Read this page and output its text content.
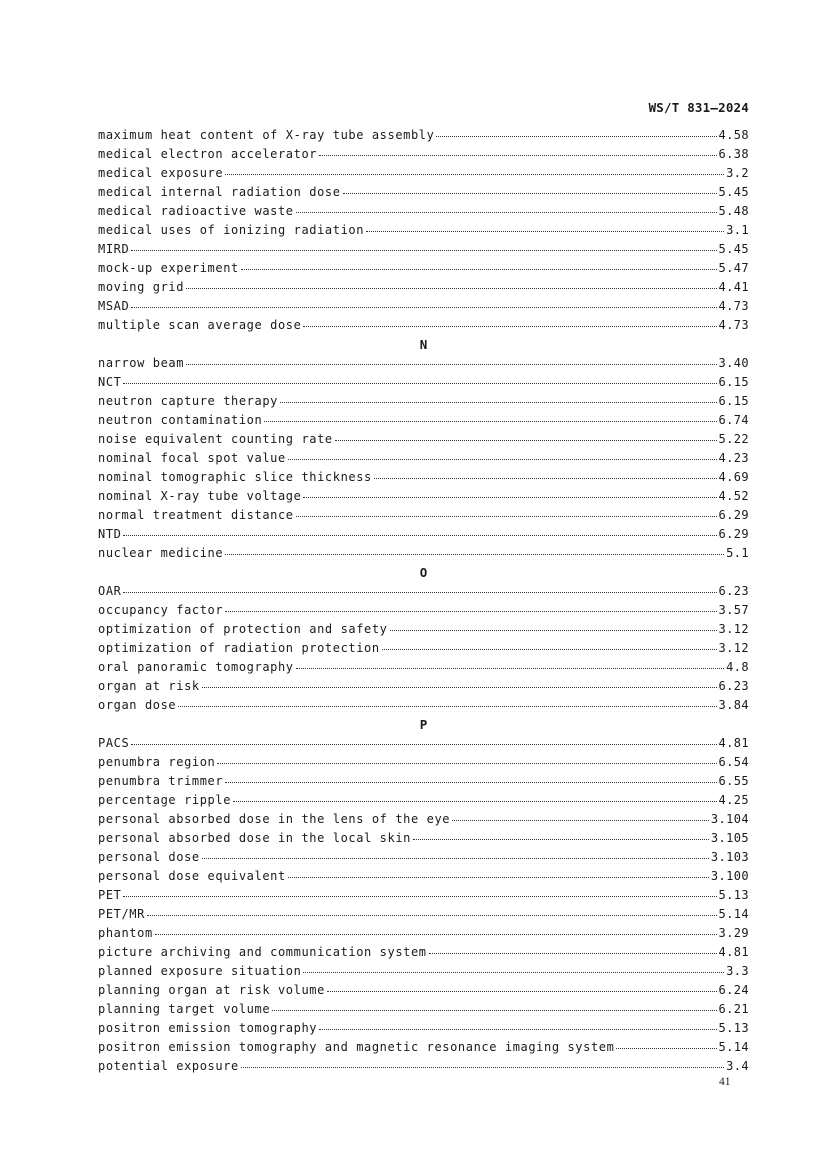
WS/T 831—2024
maximum heat content of X-ray tube assembly	4.58
medical electron accelerator	6.38
medical exposure	3.2
medical internal radiation dose	5.45
medical radioactive waste	5.48
medical uses of ionizing radiation	3.1
MIRD	5.45
mock-up experiment	5.47
moving grid	4.41
MSAD	4.73
multiple scan average dose	4.73
N
narrow beam	3.40
NCT	6.15
neutron capture therapy	6.15
neutron contamination	6.74
noise equivalent counting rate	5.22
nominal focal spot value	4.23
nominal tomographic slice thickness	4.69
nominal X-ray tube voltage	4.52
normal treatment distance	6.29
NTD	6.29
nuclear medicine	5.1
O
OAR	6.23
occupancy factor	3.57
optimization of protection and safety	3.12
optimization of radiation protection	3.12
oral panoramic tomography	4.8
organ at risk	6.23
organ dose	3.84
P
PACS	4.81
penumbra region	6.54
penumbra trimmer	6.55
percentage ripple	4.25
personal absorbed dose in the lens of the eye	3.104
personal absorbed dose in the local skin	3.105
personal dose	3.103
personal dose equivalent	3.100
PET	5.13
PET/MR	5.14
phantom	3.29
picture archiving and communication system	4.81
planned exposure situation	3.3
planning organ at risk volume	6.24
planning target volume	6.21
positron emission tomography	5.13
positron emission tomography and magnetic resonance imaging system	5.14
potential exposure	3.4
41
